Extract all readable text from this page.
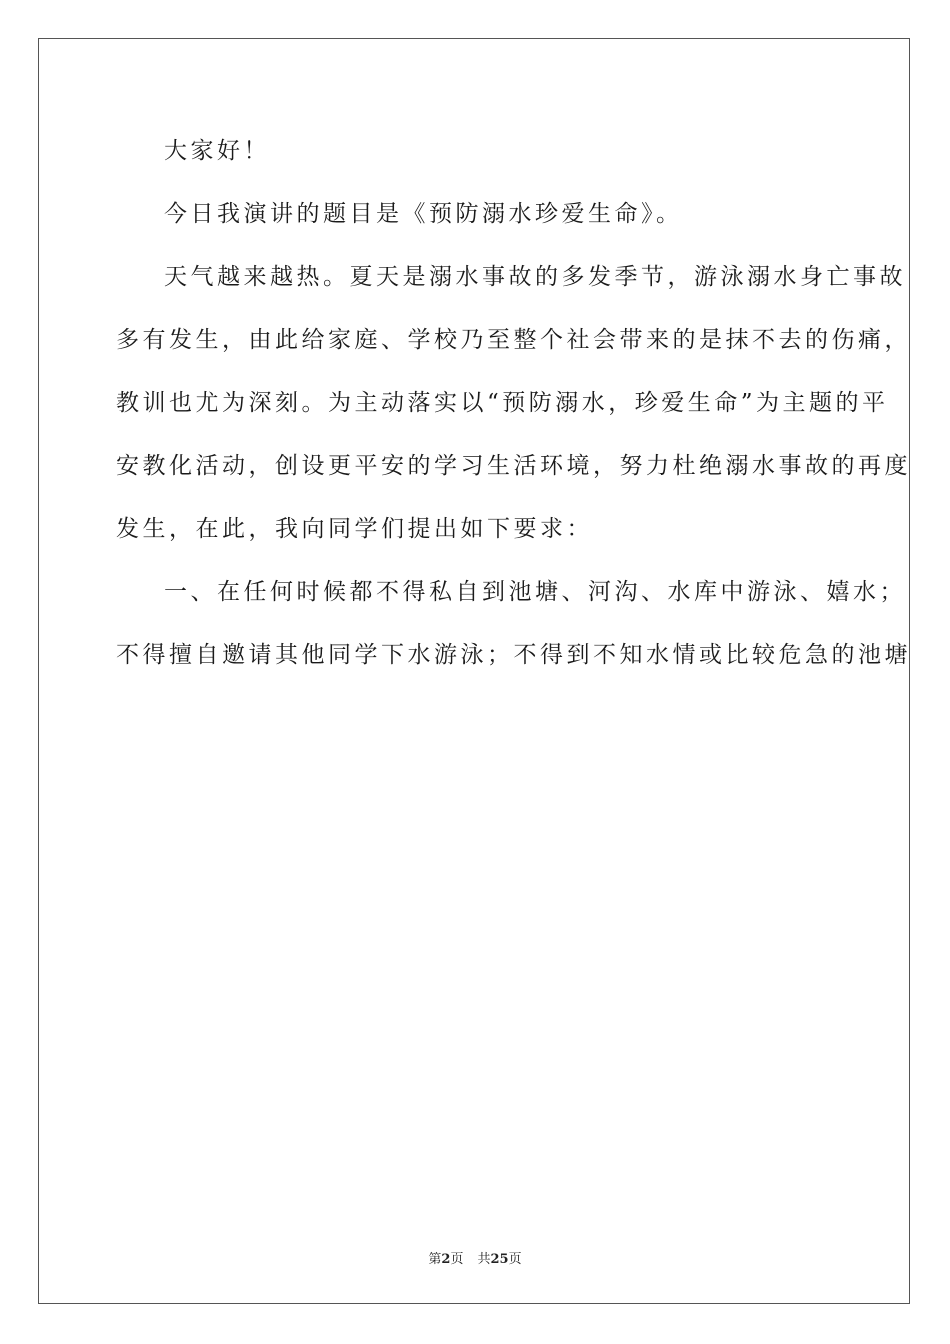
大家好！

今日我演讲的题目是《预防溺水珍爱生命》。

天气越来越热。夏天是溺水事故的多发季节，游泳溺水身亡事故

多有发生，由此给家庭、学校乃至整个社会带来的是抹不去的伤痛，

教训也尤为深刻。为主动落实以“预防溺水，珍爱生命”为主题的平

安教化活动，创设更平安的学习生活环境，努力杜绝溺水事故的再度

发生，在此，我向同学们提出如下要求：

一、在任何时候都不得私自到池塘、河沟、水库中游泳、嬉水；

不得擅自邀请其他同学下水游泳；不得到不知水情或比较危急的池塘

第2页 共25页
